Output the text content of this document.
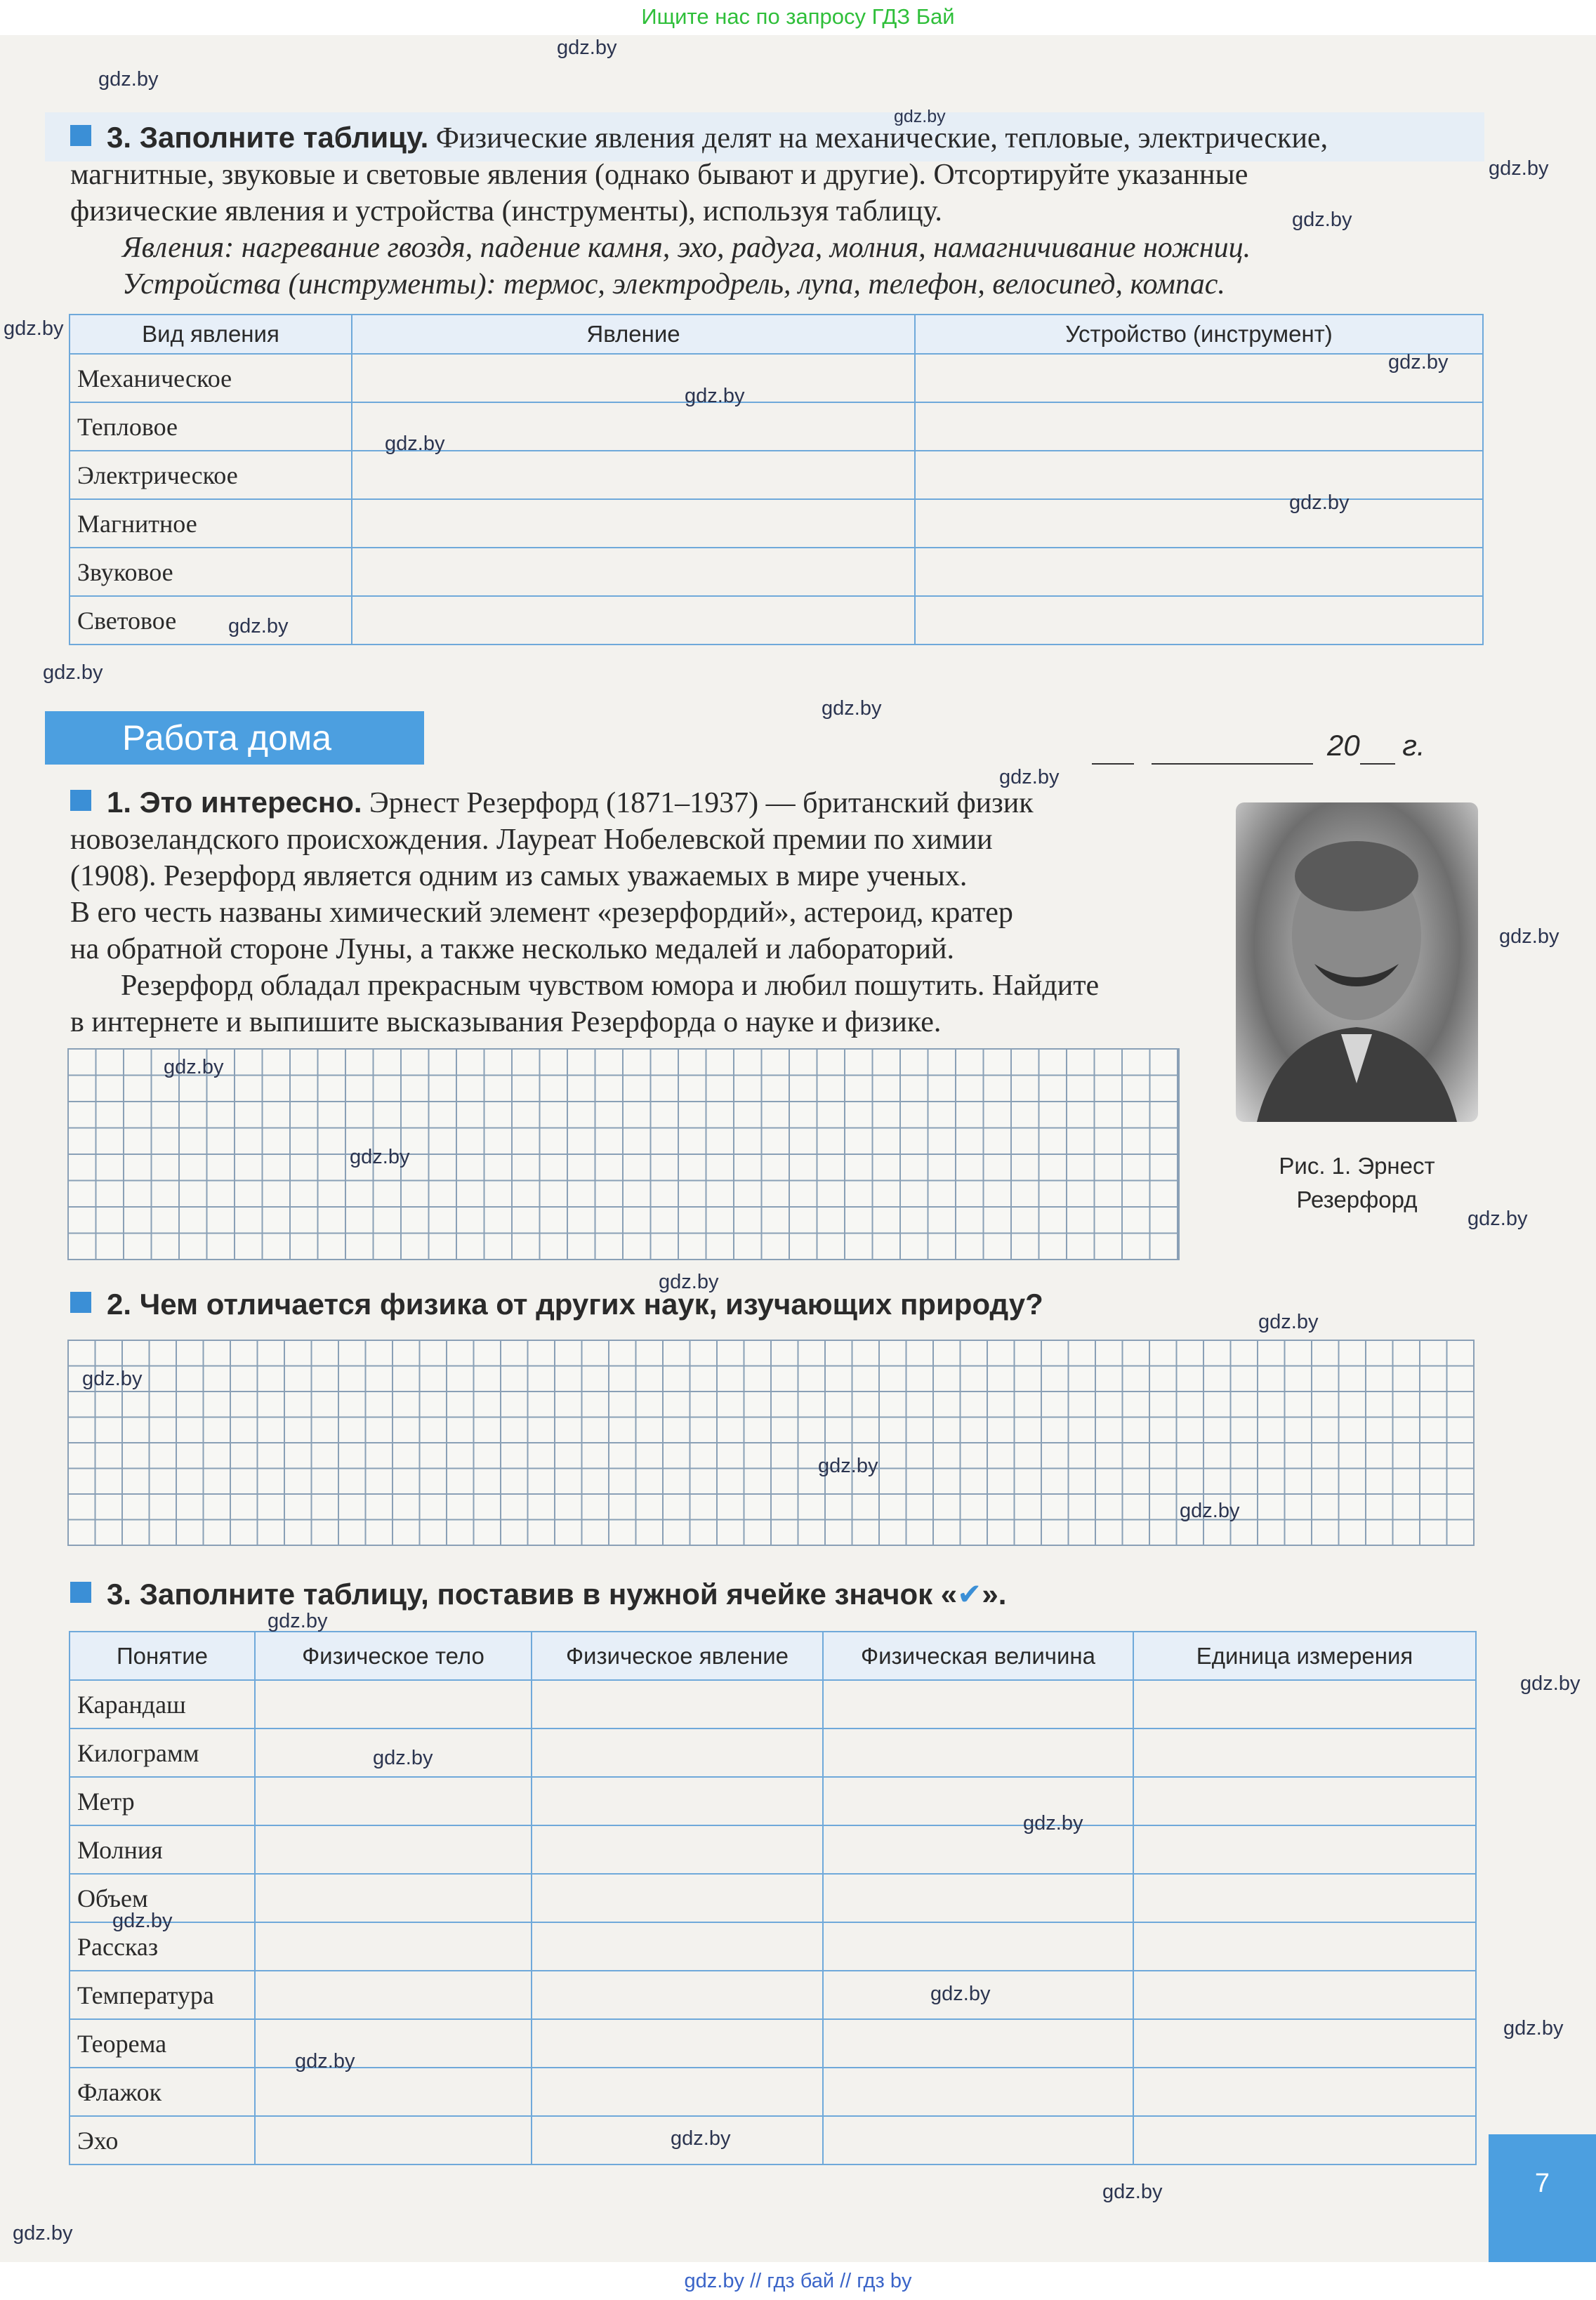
Ищите нас по запросу ГДЗ Бай
gdz.by // гдз бай // гдз by
3. Заполните таблицу. Физические явления делят на механические, тепловые, электрические,
магнитные, звуковые и световые явления (однако бывают и другие). Отсортируйте указанные
физические явления и устройства (инструменты), используя таблицу.
Явления: нагревание гвоздя, падение камня, эхо, радуга, молния, намагничивание ножниц.
Устройства (инструменты): термос, электродрель, лупа, телефон, велосипед, компас.
Вид явления	Явление	Устройство (инструмент)
Механическое		
Тепловое		
Электрическое		
Магнитное		
Звуковое		
Световое		
Работа дома	20 г.
1. Это интересно. Эрнест Резерфорд (1871–1937) — британский физик
новозеландского происхождения. Лауреат Нобелевской премии по химии
(1908). Резерфорд является одним из самых уважаемых в мире ученых.
В его честь названы химический элемент «резерфордий», астероид, кратер
на обратной стороне Луны, а также несколько медалей и лабораторий.
Резерфорд обладал прекрасным чувством юмора и любил пошутить. Найдите
в интернете и выпишите высказывания Резерфорда о науке и физике.
Рис. 1. Эрнест
Резерфорд
2. Чем отличается физика от других наук, изучающих природу?
3. Заполните таблицу, поставив в нужной ячейке значок «✔».
Понятие	Физическое тело	Физическое явление	Физическая величина	Единица измерения
Карандаш				
Килограмм				
Метр				
Молния				
Объем				
Рассказ				
Температура				
Теорема				
Флажок				
Эхо				
7
gdz.by
gdz.by
gdz.by
gdz.by
gdz.by
gdz.by
gdz.by
gdz.by
gdz.by
gdz.by
gdz.by
gdz.by
gdz.by
gdz.by
gdz.by
gdz.by
gdz.by
gdz.by
gdz.by
gdz.by
gdz.by
gdz.by
gdz.by
gdz.by
gdz.by
gdz.by
gdz.by
gdz.by
gdz.by
gdz.by
gdz.by
gdz.by
gdz.by
gdz.by
